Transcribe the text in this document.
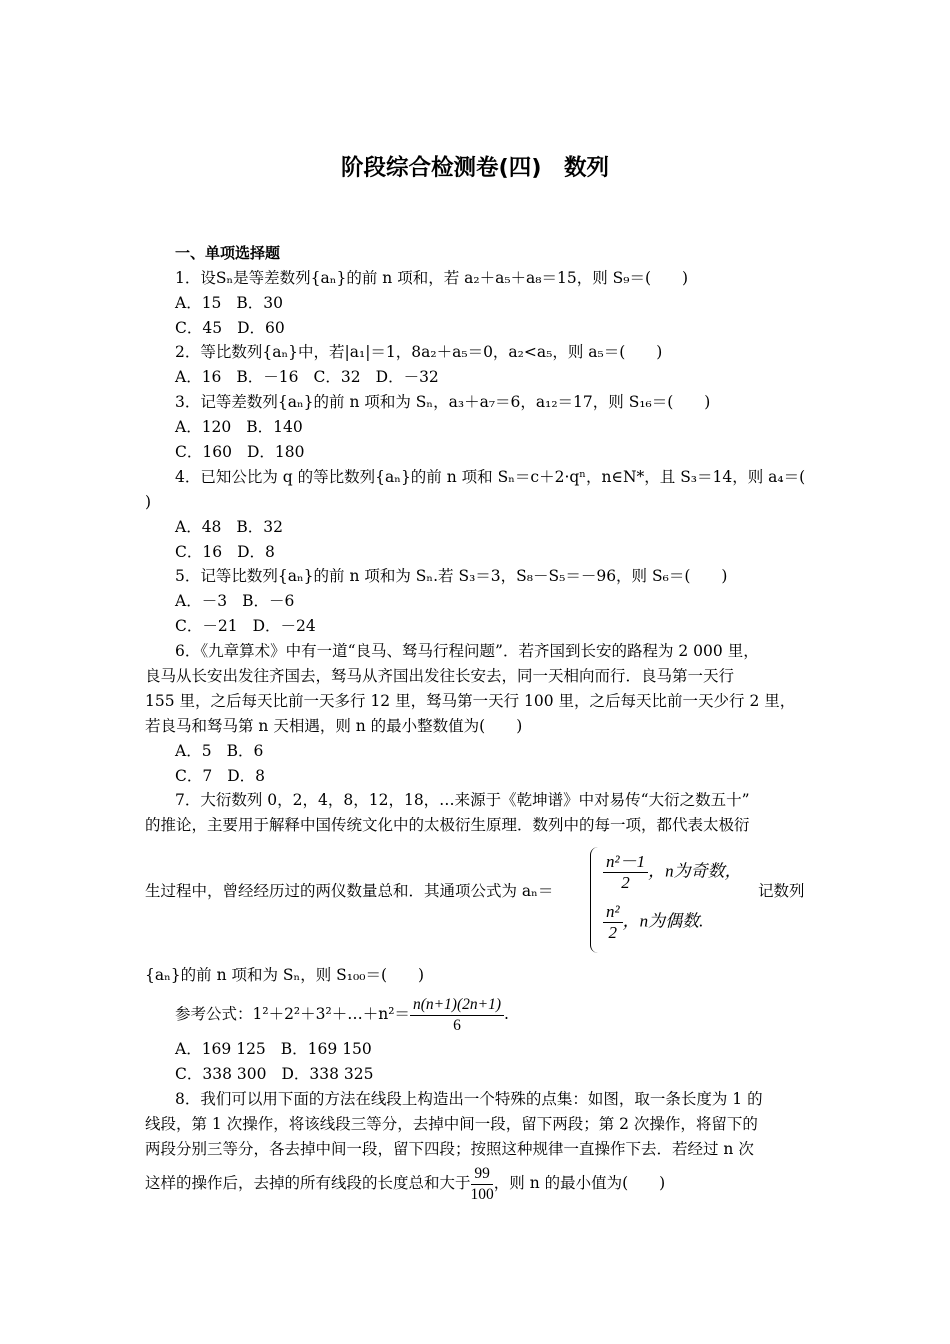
阶段综合检测卷(四)　数列
一、单项选择题
1．设Sₙ是等差数列{aₙ}的前 n 项和，若 a₂＋a₅＋a₈＝15，则 S₉＝(　　)
A．15 B．30
C．45 D．60
2．等比数列{aₙ}中，若|a₁|＝1，8a₂＋a₅＝0，a₂<a₅，则 a₅＝(　　)
A．16 B．－16 C．32 D．－32
3．记等差数列{aₙ}的前 n 项和为 Sₙ，a₃＋a₇＝6，a₁₂＝17，则 S₁₆＝(　　)
A．120 B．140
C．160 D．180
4．已知公比为 q 的等比数列{aₙ}的前 n 项和 Sₙ＝c＋2·qⁿ，n∈N*，且 S₃＝14，则 a₄＝(
)
A．48 B．32
C．16 D．8
5．记等比数列{aₙ}的前 n 项和为 Sₙ.若 S₃＝3，S₈－S₅＝－96，则 S₆＝(　　)
A．－3 B．－6
C．－21 D．－24
6．《九章算术》中有一道“良马、驽马行程问题”．若齐国到长安的路程为 2 000 里，
良马从长安出发往齐国去，驽马从齐国出发往长安去，同一天相向而行．良马第一天行
155 里，之后每天比前一天多行 12 里，驽马第一天行 100 里，之后每天比前一天少行 2 里，
若良马和驽马第 n 天相遇，则 n 的最小整数值为(　　)
A．5 B．6
C．7 D．8
7．大衍数列 0，2，4，8，12，18，…来源于《乾坤谱》中对易传“大衍之数五十”
的推论，主要用于解释中国传统文化中的太极衍生原理．数列中的每一项，都代表太极衍
生过程中，曾经经历过的两仪数量总和．其通项公式为 aₙ＝	$\frac{\text{n²－1}}{2}$ ，n为奇数，
$\frac{\text{n²}}{2}$ ，n为偶数.
记数列
{aₙ}的前 n 项和为 Sₙ，则 S₁₀₀＝(　　)
参考公式：1²＋2²＋3²＋…＋n²＝ $\frac{n(n+1)(2n+1)}{6}$ .
A．169 125 B．169 150
C．338 300 D．338 325
8．我们可以用下面的方法在线段上构造出一个特殊的点集：如图，取一条长度为 1 的
线段，第 1 次操作，将该线段三等分，去掉中间一段，留下两段；第 2 次操作，将留下的
两段分别三等分，各去掉中间一段，留下四段；按照这种规律一直操作下去．若经过 n 次
这样的操作后，去掉的所有线段的长度总和大于 $\frac{99}{100}$ ，则 n 的最小值为(　　)
